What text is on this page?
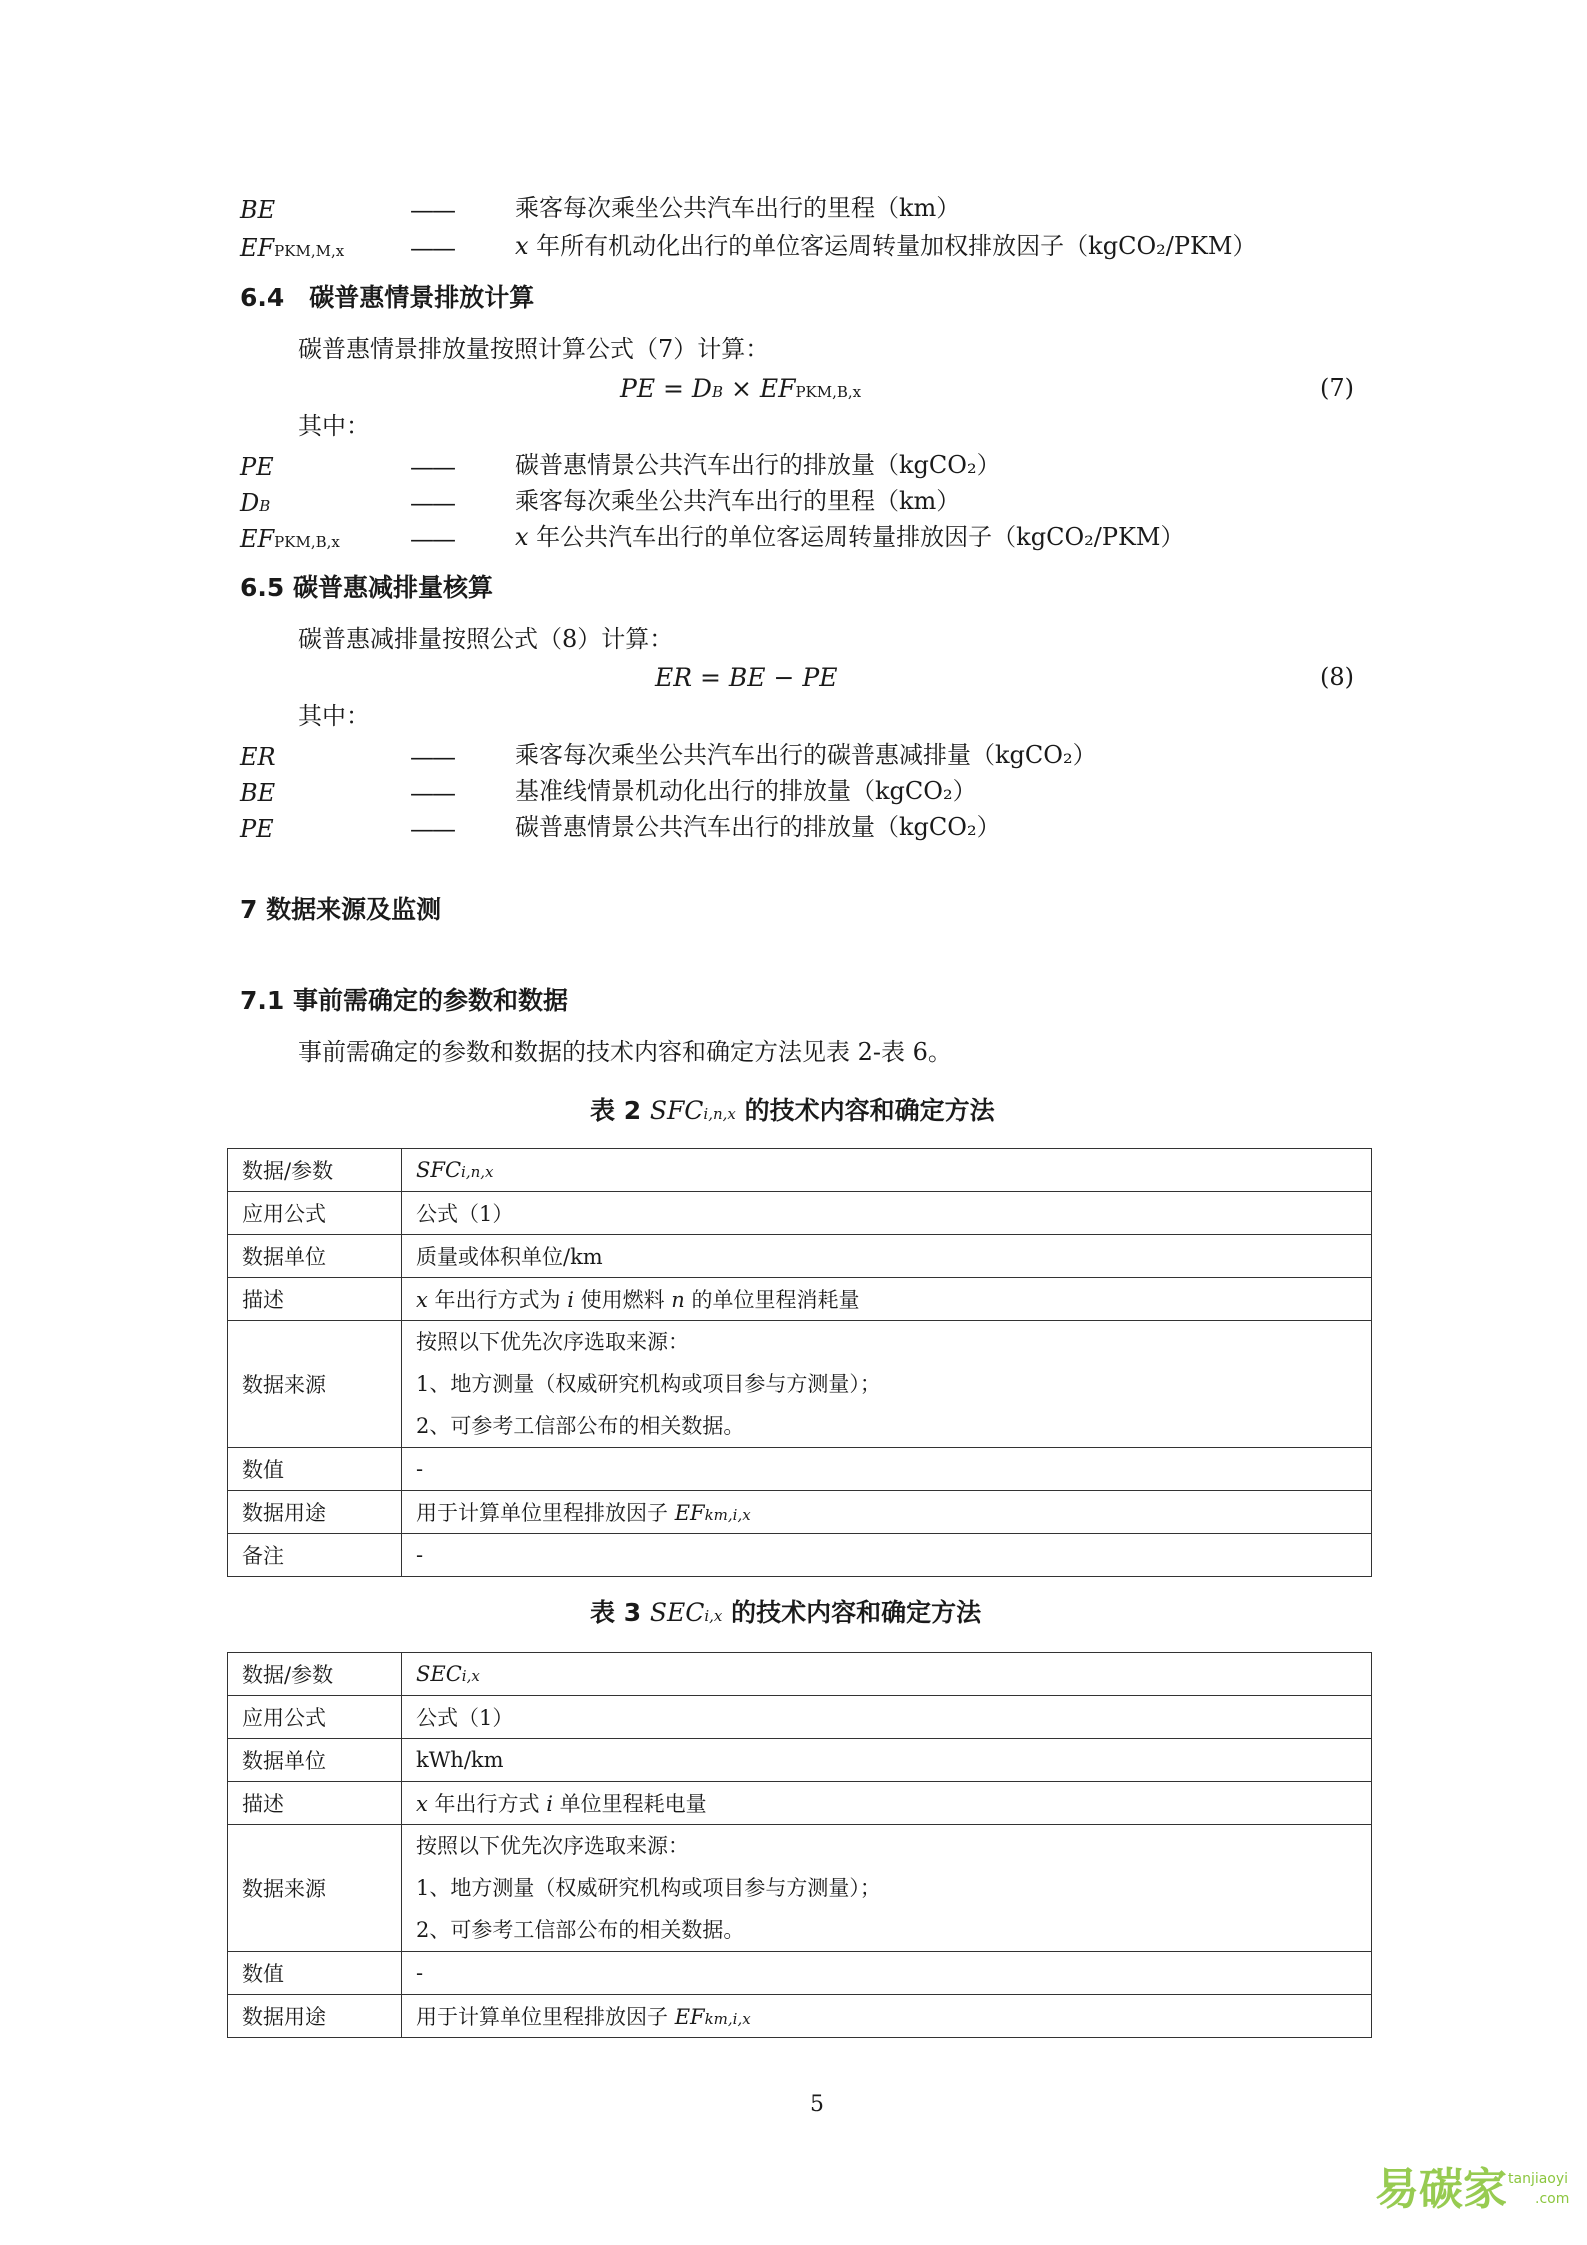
BE	——	乘客每次乘坐公共汽车出行的里程（km）
EFPKM,M,x	——	x 年所有机动化出行的单位客运周转量加权排放因子（kgCO₂/PKM）
6.4　碳普惠情景排放计算
碳普惠情景排放量按照计算公式（7）计算：
PE = DB × EFPKM,B,x	(7)
其中：
PE	——	碳普惠情景公共汽车出行的排放量（kgCO₂）
DB	——	乘客每次乘坐公共汽车出行的里程（km）
EFPKM,B,x	——	x 年公共汽车出行的单位客运周转量排放因子（kgCO₂/PKM）
6.5 碳普惠减排量核算
碳普惠减排量按照公式（8）计算：
ER = BE − PE	(8)
其中：
ER	——	乘客每次乘坐公共汽车出行的碳普惠减排量（kgCO₂）
BE	——	基准线情景机动化出行的排放量（kgCO₂）
PE	——	碳普惠情景公共汽车出行的排放量（kgCO₂）
7 数据来源及监测
7.1 事前需确定的参数和数据
事前需确定的参数和数据的技术内容和确定方法见表 2-表 6。
表 2 SFCi,n,x 的技术内容和确定方法
数据/参数	SFCi,n,x
应用公式	公式（1）
数据单位	质量或体积单位/km
描述	x 年出行方式为 i 使用燃料 n 的单位里程消耗量
数据来源	按照以下优先次序选取来源：
1、地方测量（权威研究机构或项目参与方测量）；
2、可参考工信部公布的相关数据。

数值	-
数据用途	用于计算单位里程排放因子 EFkm,i,x
备注	-
表 3 SECi,x 的技术内容和确定方法
数据/参数	SECi,x
应用公式	公式（1）
数据单位	kWh/km
描述	x 年出行方式 i 单位里程耗电量
数据来源	按照以下优先次序选取来源：
1、地方测量（权威研究机构或项目参与方测量）；
2、可参考工信部公布的相关数据。

数值	-
数据用途	用于计算单位里程排放因子 EFkm,i,x
5
易碳家 tanjiaoyi
.com
